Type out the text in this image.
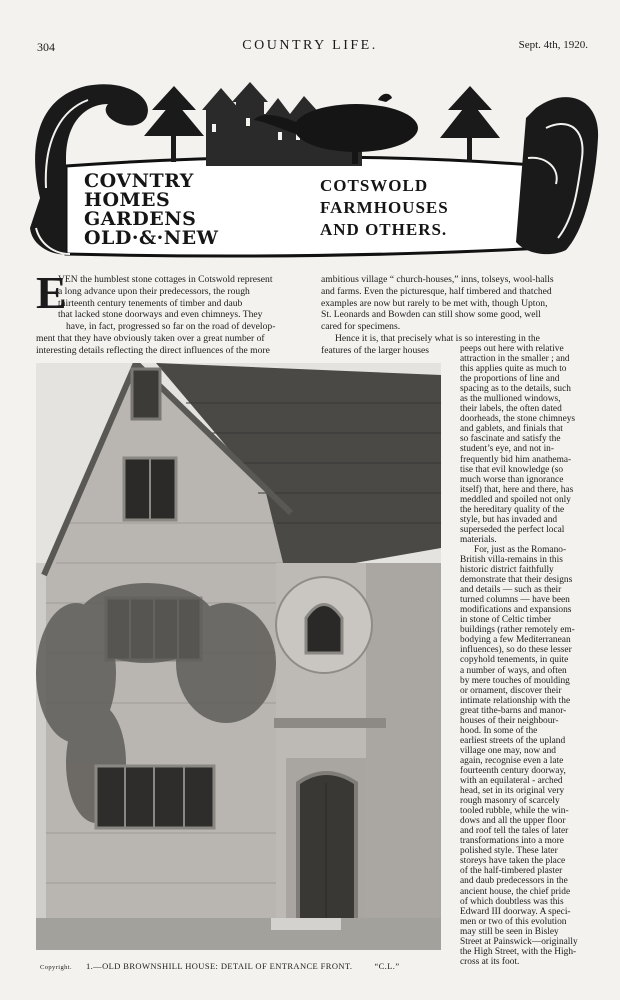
304	COUNTRY LIFE.	Sept. 4th, 1920.
COVNTRY
HOMES
GARDENS
OLD·&·NEW
COTSWOLD
FARMHOUSES
AND OTHERS.
E
VEN the humblest stone cottages in Cotswold represent
a long advance upon their predecessors, the rough
thirteenth century tenements of timber and daub
that lacked stone doorways and even chimneys. They
have, in fact, progressed so far on the road of develop-
ment that they have obviously taken over a great number of
interesting details reflecting the direct influences of the more
ambitious village “ church-houses,” inns, tolseys, wool-halls
and farms. Even the picturesque, half timbered and thatched
examples are now but rarely to be met with, though Upton,
St. Leonards and Bowden can still show some good, well
cared for specimens.
Hence it is, that precisely what is so interesting in the
features of the larger houses	peeps out here with relative
attraction in the smaller ; and
this applies quite as much to
the proportions of line and
spacing as to the details, such
as the mullioned windows,
their labels, the often dated
doorheads, the stone chimneys
and gablets, and finials that
so fascinate and satisfy the
student’s eye, and not in-
frequently bid him anathema-
tise that evil knowledge (so
much worse than ignorance
itself) that, here and there, has
meddled and spoiled not only
the hereditary quality of the
style, but has invaded and
superseded the perfect local
materials.
For, just as the Romano-
British villa-remains in this
historic district faithfully
demonstrate that their designs
and details — such as their
turned columns — have been
modifications and expansions
in stone of Celtic timber
buildings (rather remotely em-
bodying a few Mediterranean
influences), so do these lesser
copyhold tenements, in quite
a number of ways, and often
by mere touches of moulding
or ornament, discover their
intimate relationship with the
great tithe-barns and manor-
houses of their neighbour-
hood. In some of the
earliest streets of the upland
village one may, now and
again, recognise even a late
fourteenth century doorway,
with an equilateral - arched
head, set in its original very
rough masonry of scarcely
tooled rubble, while the win-
dows and all the upper floor
and roof tell the tales of later
transformations into a more
polished style. These later
storeys have taken the place
of the half-timbered plaster
and daub predecessors in the
ancient house, the chief pride
of which doubtless was this
Edward III doorway. A speci-
men or two of this evolution
may still be seen in Bisley
Street at Painswick—originally
the High Street, with the High-
cross at its foot.
Copyright. 1.—OLD BROWNSHILL HOUSE: DETAIL OF ENTRANCE FRONT.	“C.L.”
